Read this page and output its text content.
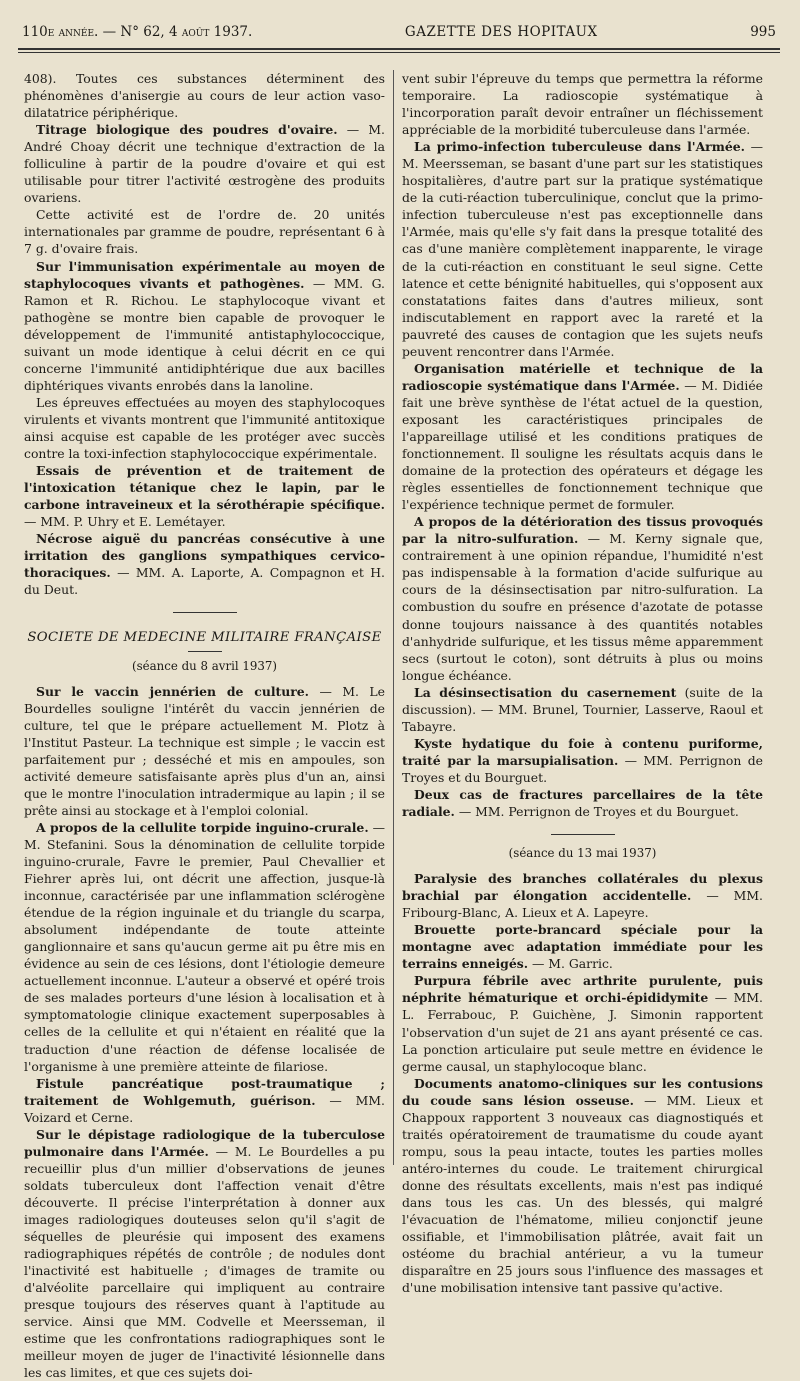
110e année. — N° 62, 4 août 1937.	GAZETTE DES HOPITAUX	995

408). Toutes ces substances déterminent des phénomènes d'anisergie au cours de leur action vaso-dilatatrice périphérique.

Titrage biologique des poudres d'ovaire. — M. André Choay décrit une technique d'extraction de la folliculine à partir de la poudre d'ovaire et qui est utilisable pour titrer l'activité œstrogène des produits ovariens.

Cette activité est de l'ordre de. 20 unités internationales par gramme de poudre, représentant 6 à 7 g. d'ovaire frais.

Sur l'immunisation expérimentale au moyen de staphylocoques vivants et pathogènes. — MM. G. Ramon et R. Richou. Le staphylocoque vivant et pathogène se montre bien capable de provoquer le développement de l'immunité antistaphylococcique, suivant un mode identique à celui décrit en ce qui concerne l'immunité antidiphtérique due aux bacilles diphtériques vivants enrobés dans la lanoline.

Les épreuves effectuées au moyen des staphylocoques virulents et vivants montrent que l'immunité antitoxique ainsi acquise est capable de les protéger avec succès contre la toxi-infection staphylococcique expérimentale.

Essais de prévention et de traitement de l'intoxication tétanique chez le lapin, par le carbone intraveineux et la sérothérapie spécifique. — MM. P. Uhry et E. Lemétayer.

Nécrose aiguë du pancréas consécutive à une irritation des ganglions sympathiques cervico-thoraciques. — MM. A. Laporte, A. Compagnon et H. du Deut.

SOCIETE DE MEDECINE MILITAIRE FRANÇAISE
(séance du 8 avril 1937)

Sur le vaccin jennérien de culture. — M. Le Bourdelles souligne l'intérêt du vaccin jennérien de culture, tel que le prépare actuellement M. Plotz à l'Institut Pasteur. La technique est simple ; le vaccin est parfaitement pur ; desséché et mis en ampoules, son activité demeure satisfaisante après plus d'un an, ainsi que le montre l'inoculation intradermique au lapin ; il se prête ainsi au stockage et à l'emploi colonial.

A propos de la cellulite torpide inguino-crurale. — M. Stefanini. Sous la dénomination de cellulite torpide inguino-crurale, Favre le premier, Paul Chevallier et Fiehrer après lui, ont décrit une affection, jusque-là inconnue, caractérisée par une inflammation sclérogène étendue de la région inguinale et du triangle du scarpa, absolument indépendante de toute atteinte ganglionnaire et sans qu'aucun germe ait pu être mis en évidence au sein de ces lésions, dont l'étiologie demeure actuellement inconnue. L'auteur a observé et opéré trois de ses malades porteurs d'une lésion à localisation et à symptomatologie clinique exactement superposables à celles de la cellulite et qui n'étaient en réalité que la traduction d'une réaction de défense localisée de l'organisme à une première atteinte de filariose.

Fistule pancréatique post-traumatique ; traitement de Wohlgemuth, guérison. — MM. Voizard et Cerne.

Sur le dépistage radiologique de la tuberculose pulmonaire dans l'Armée. — M. Le Bourdelles a pu recueillir plus d'un millier d'observations de jeunes soldats tuberculeux dont l'affection venait d'être découverte. Il précise l'interprétation à donner aux images radiologiques douteuses selon qu'il s'agit de séquelles de pleurésie qui imposent des examens radiographiques répétés de contrôle ; de nodules dont l'inactivité est habituelle ; d'images de tramite ou d'alvéolite parcellaire qui impliquent au contraire presque toujours des réserves quant à l'aptitude au service. Ainsi que MM. Codvelle et Meersseman, il estime que les confrontations radiographiques sont le meilleur moyen de juger de l'inactivité lésionnelle dans les cas limites, et que ces sujets doi-

vent subir l'épreuve du temps que permettra la réforme temporaire. La radioscopie systématique à l'incorporation paraît devoir entraîner un fléchissement appréciable de la morbidité tuberculeuse dans l'armée.

La primo-infection tuberculeuse dans l'Armée. — M. Meersseman, se basant d'une part sur les statistiques hospitalières, d'autre part sur la pratique systématique de la cuti-réaction tuberculinique, conclut que la primo-infection tuberculeuse n'est pas exceptionnelle dans l'Armée, mais qu'elle s'y fait dans la presque totalité des cas d'une manière complètement inapparente, le virage de la cuti-réaction en constituant le seul signe. Cette latence et cette bénignité habituelles, qui s'opposent aux constatations faites dans d'autres milieux, sont indiscutablement en rapport avec la rareté et la pauvreté des causes de contagion que les sujets neufs peuvent rencontrer dans l'Armée.

Organisation matérielle et technique de la radioscopie systématique dans l'Armée. — M. Didiée fait une brève synthèse de l'état actuel de la question, exposant les caractéristiques principales de l'appareillage utilisé et les conditions pratiques de fonctionnement. Il souligne les résultats acquis dans le domaine de la protection des opérateurs et dégage les règles essentielles de fonctionnement technique que l'expérience technique permet de formuler.

A propos de la détérioration des tissus provoqués par la nitro-sulfuration. — M. Kerny signale que, contrairement à une opinion répandue, l'humidité n'est pas indispensable à la formation d'acide sulfurique au cours de la désinsectisation par nitro-sulfuration. La combustion du soufre en présence d'azotate de potasse donne toujours naissance à des quantités notables d'anhydride sulfurique, et les tissus même apparemment secs (surtout le coton), sont détruits à plus ou moins longue échéance.

La désinsectisation du casernement (suite de la discussion). — MM. Brunel, Tournier, Lasserve, Raoul et Tabayre.

Kyste hydatique du foie à contenu puriforme, traité par la marsupialisation. — MM. Perrignon de Troyes et du Bourguet.

Deux cas de fractures parcellaires de la tête radiale. — MM. Perrignon de Troyes et du Bourguet.

(séance du 13 mai 1937)

Paralysie des branches collatérales du plexus brachial par élongation accidentelle. — MM. Fribourg-Blanc, A. Lieux et A. Lapeyre.

Brouette porte-brancard spéciale pour la montagne avec adaptation immédiate pour les terrains enneigés. — M. Garric.

Purpura fébrile avec arthrite purulente, puis néphrite hématurique et orchi-épididymite — MM. L. Ferrabouc, P. Guichène, J. Simonin rapportent l'observation d'un sujet de 21 ans ayant présenté ce cas. La ponction articulaire put seule mettre en évidence le germe causal, un staphylocoque blanc.

Documents anatomo-cliniques sur les contusions du coude sans lésion osseuse. — MM. Lieux et Chappoux rapportent 3 nouveaux cas diagnostiqués et traités opératoirement de traumatisme du coude ayant rompu, sous la peau intacte, toutes les parties molles antéro-internes du coude. Le traitement chirurgical donne des résultats excellents, mais n'est pas indiqué dans tous les cas. Un des blessés, qui malgré l'évacuation de l'hématome, milieu conjonctif jeune ossifiable, et l'immobilisation plâtrée, avait fait un ostéome du brachial antérieur, a vu la tumeur disparaître en 25 jours sous l'influence des massages et d'une mobilisation intensive tant passive qu'active.
